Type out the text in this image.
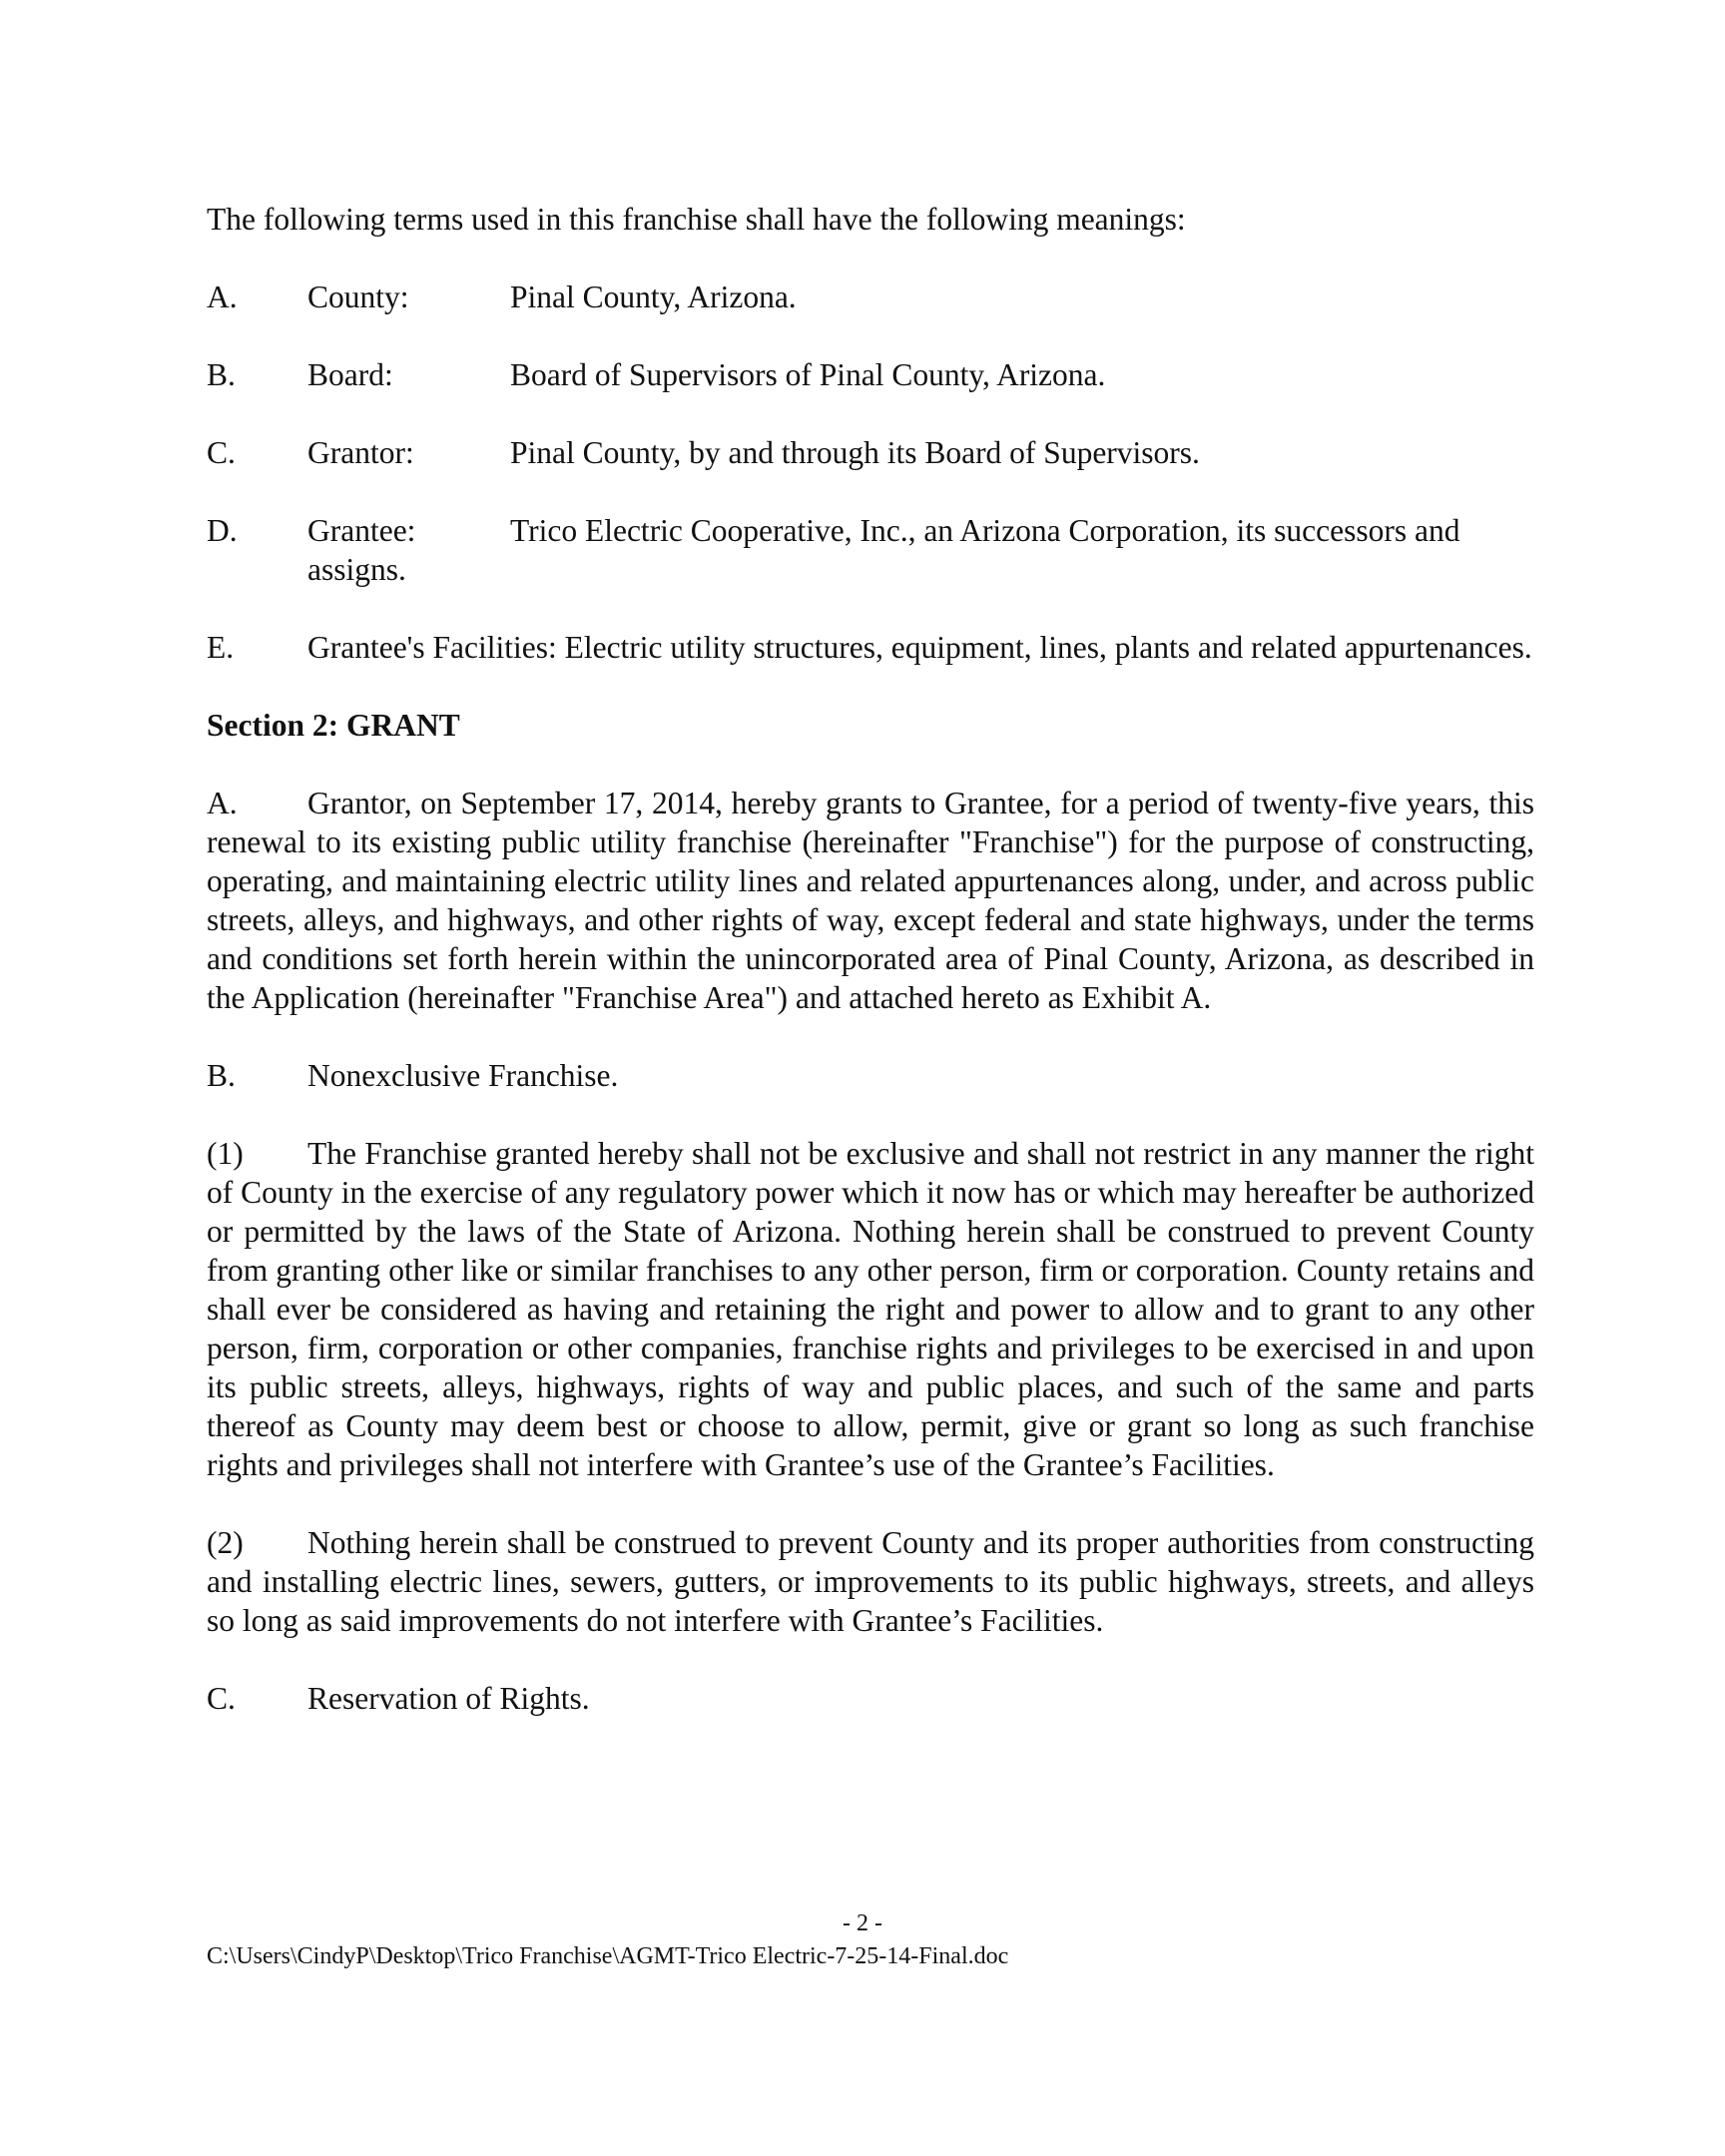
The following terms used in this franchise shall have the following meanings:

A.	County:	Pinal County, Arizona.
B.	Board:	Board of Supervisors of Pinal County, Arizona.
C.	Grantor:	Pinal County, by and through its Board of Supervisors.
D.	Grantee:	Trico Electric Cooperative, Inc., an Arizona Corporation, its successors and
assigns.
E.	Grantee's Facilities: Electric utility structures, equipment, lines, plants and related appurtenances.
Section 2: GRANT

A. Grantor, on September 17, 2014, hereby grants to Grantee, for a period of twenty-five years, this renewal to its existing public utility franchise (hereinafter "Franchise") for the purpose of constructing, operating, and maintaining electric utility lines and related appurtenances along, under, and across public streets, alleys, and highways, and other rights of way, except federal and state highways, under the terms and conditions set forth herein within the unincorporated area of Pinal County, Arizona, as described in the Application (hereinafter "Franchise Area") and attached hereto as Exhibit A.

B.	Nonexclusive Franchise.

(1) The Franchise granted hereby shall not be exclusive and shall not restrict in any manner the right of County in the exercise of any regulatory power which it now has or which may hereafter be authorized or permitted by the laws of the State of Arizona. Nothing herein shall be construed to prevent County from granting other like or similar franchises to any other person, firm or corporation. County retains and shall ever be considered as having and retaining the right and power to allow and to grant to any other person, firm, corporation or other companies, franchise rights and privileges to be exercised in and upon its public streets, alleys, highways, rights of way and public places, and such of the same and parts thereof as County may deem best or choose to allow, permit, give or grant so long as such franchise rights and privileges shall not interfere with Grantee’s use of the Grantee’s Facilities.

(2) Nothing herein shall be construed to prevent County and its proper authorities from constructing and installing electric lines, sewers, gutters, or improvements to its public highways, streets, and alleys so long as said improvements do not interfere with Grantee’s Facilities.

C.	Reservation of Rights.
- 2 -
C:\Users\CindyP\Desktop\Trico Franchise\AGMT-Trico Electric-7-25-14-Final.doc
